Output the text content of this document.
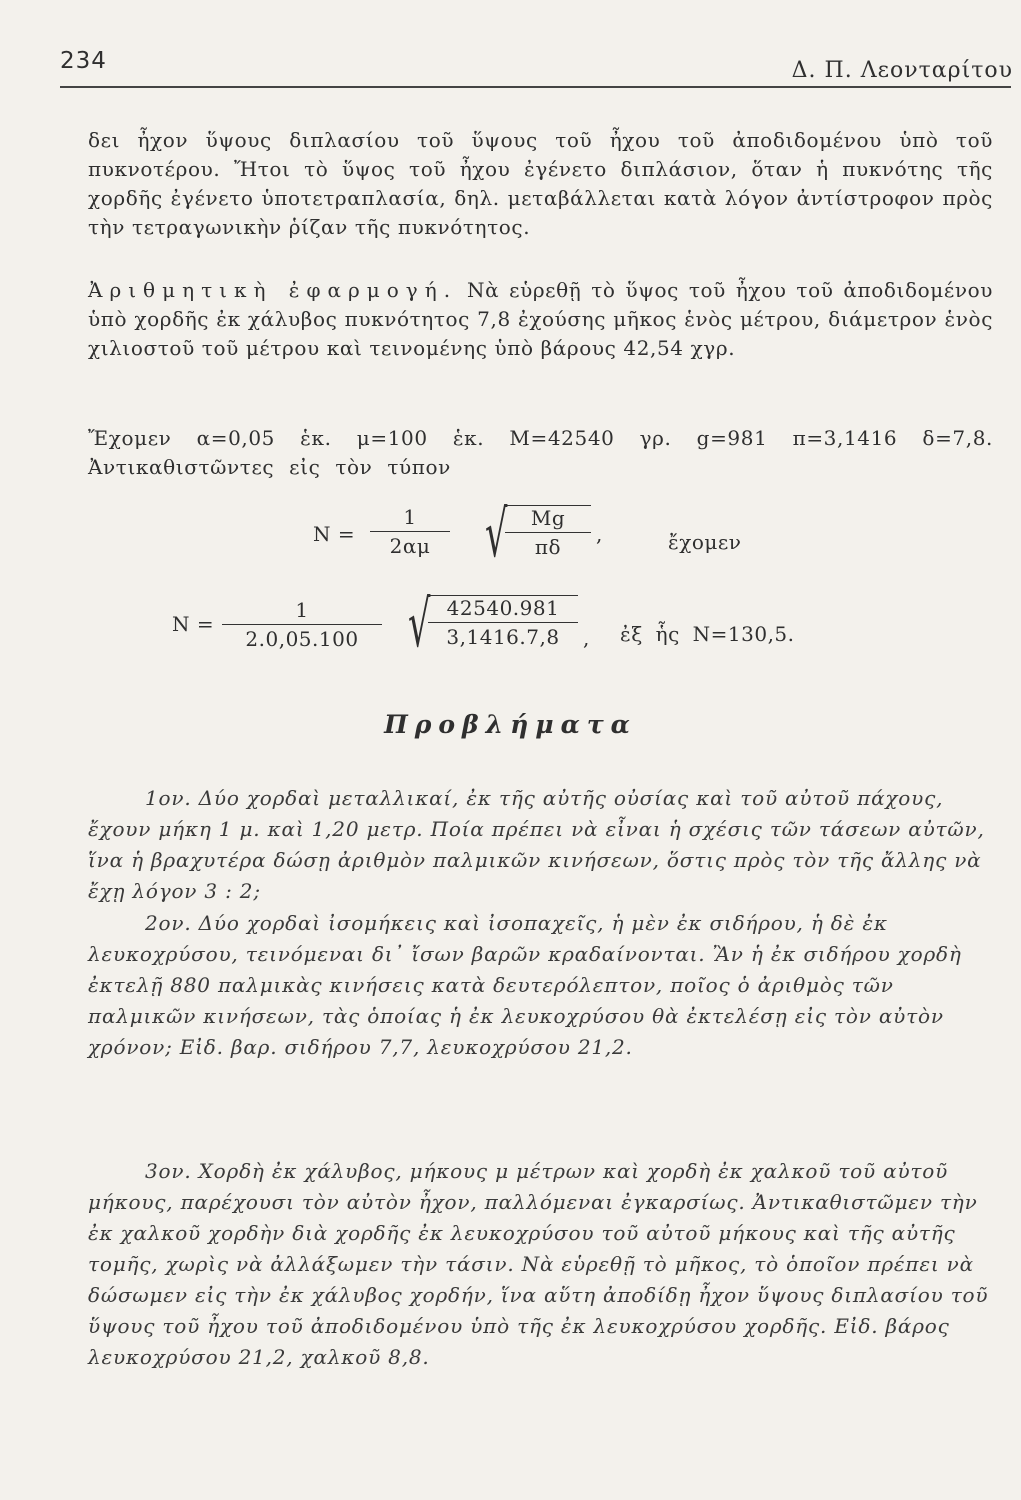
234	Δ. Π. Λεονταρίτου

δει ἦχον ὕψους διπλασίου τοῦ ὕψους τοῦ ἦχου τοῦ ἀποδιδομένου ὑπὸ τοῦ πυκνοτέρου. Ἤτοι τὸ ὕψος τοῦ ἦχου ἐγένετο διπλάσιον, ὅταν ἡ πυκνότης τῆς χορδῆς ἐγένετο ὑποτετραπλασία, δηλ. μεταβάλλεται κατὰ λόγον ἀντίστροφον πρὸς τὴν τετραγωνικὴν ῥίζαν τῆς πυκνότητος.

Ἀριθμητικὴ ἐφαρμογή. Νὰ εὑρεθῇ τὸ ὕψος τοῦ ἦχου τοῦ ἀποδιδομένου ὑπὸ χορδῆς ἐκ χάλυβος πυκνότητος 7,8 ἐχούσης μῆκος ἑνὸς μέτρου, διάμετρον ἑνὸς χιλιοστοῦ τοῦ μέτρου καὶ τεινομένης ὑπὸ βάρους 42,54 χγρ.

Ἔχομεν α=0,05 ἑκ. μ=100 ἑκ. Μ=42540 γρ. g=981 π=3,1416 δ=7,8. Ἀντικαθιστῶντες εἰς τὸν τύπον

$N = \frac{1}{2\alpha\mu}$ √
$\frac{Mg}{\pi\delta}$ ,	ἔχομεν
$N = \frac{1}{2.0,05.100}$ √
$\frac{42540.981}{3,1416.7,8}$ , ἐξ ἧς N=130,5.
Προβλήματα

1ον. Δύο χορδαὶ μεταλλικαί, ἐκ τῆς αὐτῆς οὐσίας καὶ τοῦ αὐτοῦ πάχους, ἔχουν μήκη 1 μ. καὶ 1,20 μετρ. Ποία πρέπει νὰ εἶναι ἡ σχέσις τῶν τάσεων αὐτῶν, ἵνα ἡ βραχυτέρα δώσῃ ἀριθμὸν παλμικῶν κινήσεων, ὅστις πρὸς τὸν τῆς ἄλλης νὰ ἔχῃ λόγον 3 : 2;

2ον. Δύο χορδαὶ ἰσομήκεις καὶ ἰσοπαχεῖς, ἡ μὲν ἐκ σιδήρου, ἡ δὲ ἐκ λευκοχρύσου, τεινόμεναι δι᾽ ἴσων βαρῶν κραδαίνονται. Ἂν ἡ ἐκ σιδήρου χορδὴ ἐκτελῇ 880 παλμικὰς κινήσεις κατὰ δευτερόλεπτον, ποῖος ὁ ἀριθμὸς τῶν παλμικῶν κινήσεων, τὰς ὁποίας ἡ ἐκ λευκοχρύσου θὰ ἐκτελέσῃ εἰς τὸν αὐτὸν χρόνον; Εἰδ. βαρ. σιδήρου 7,7, λευκοχρύσου 21,2.

3ον. Χορδὴ ἐκ χάλυβος, μήκους μ μέτρων καὶ χορδὴ ἐκ χαλκοῦ τοῦ αὐτοῦ μήκους, παρέχουσι τὸν αὐτὸν ἦχον, παλλόμεναι ἐγκαρσίως. Ἀντικαθιστῶμεν τὴν ἐκ χαλκοῦ χορδὴν διὰ χορδῆς ἐκ λευκοχρύσου τοῦ αὐτοῦ μήκους καὶ τῆς αὐτῆς τομῆς, χωρὶς νὰ ἀλλάξωμεν τὴν τάσιν. Νὰ εὑρεθῇ τὸ μῆκος, τὸ ὁποῖον πρέπει νὰ δώσωμεν εἰς τὴν ἐκ χάλυβος χορδήν, ἵνα αὕτη ἀποδίδῃ ἦχον ὕψους διπλασίου τοῦ ὕψους τοῦ ἦχου τοῦ ἀποδιδομένου ὑπὸ τῆς ἐκ λευκοχρύσου χορδῆς. Εἰδ. βάρος λευκοχρύσου 21,2, χαλκοῦ 8,8.
